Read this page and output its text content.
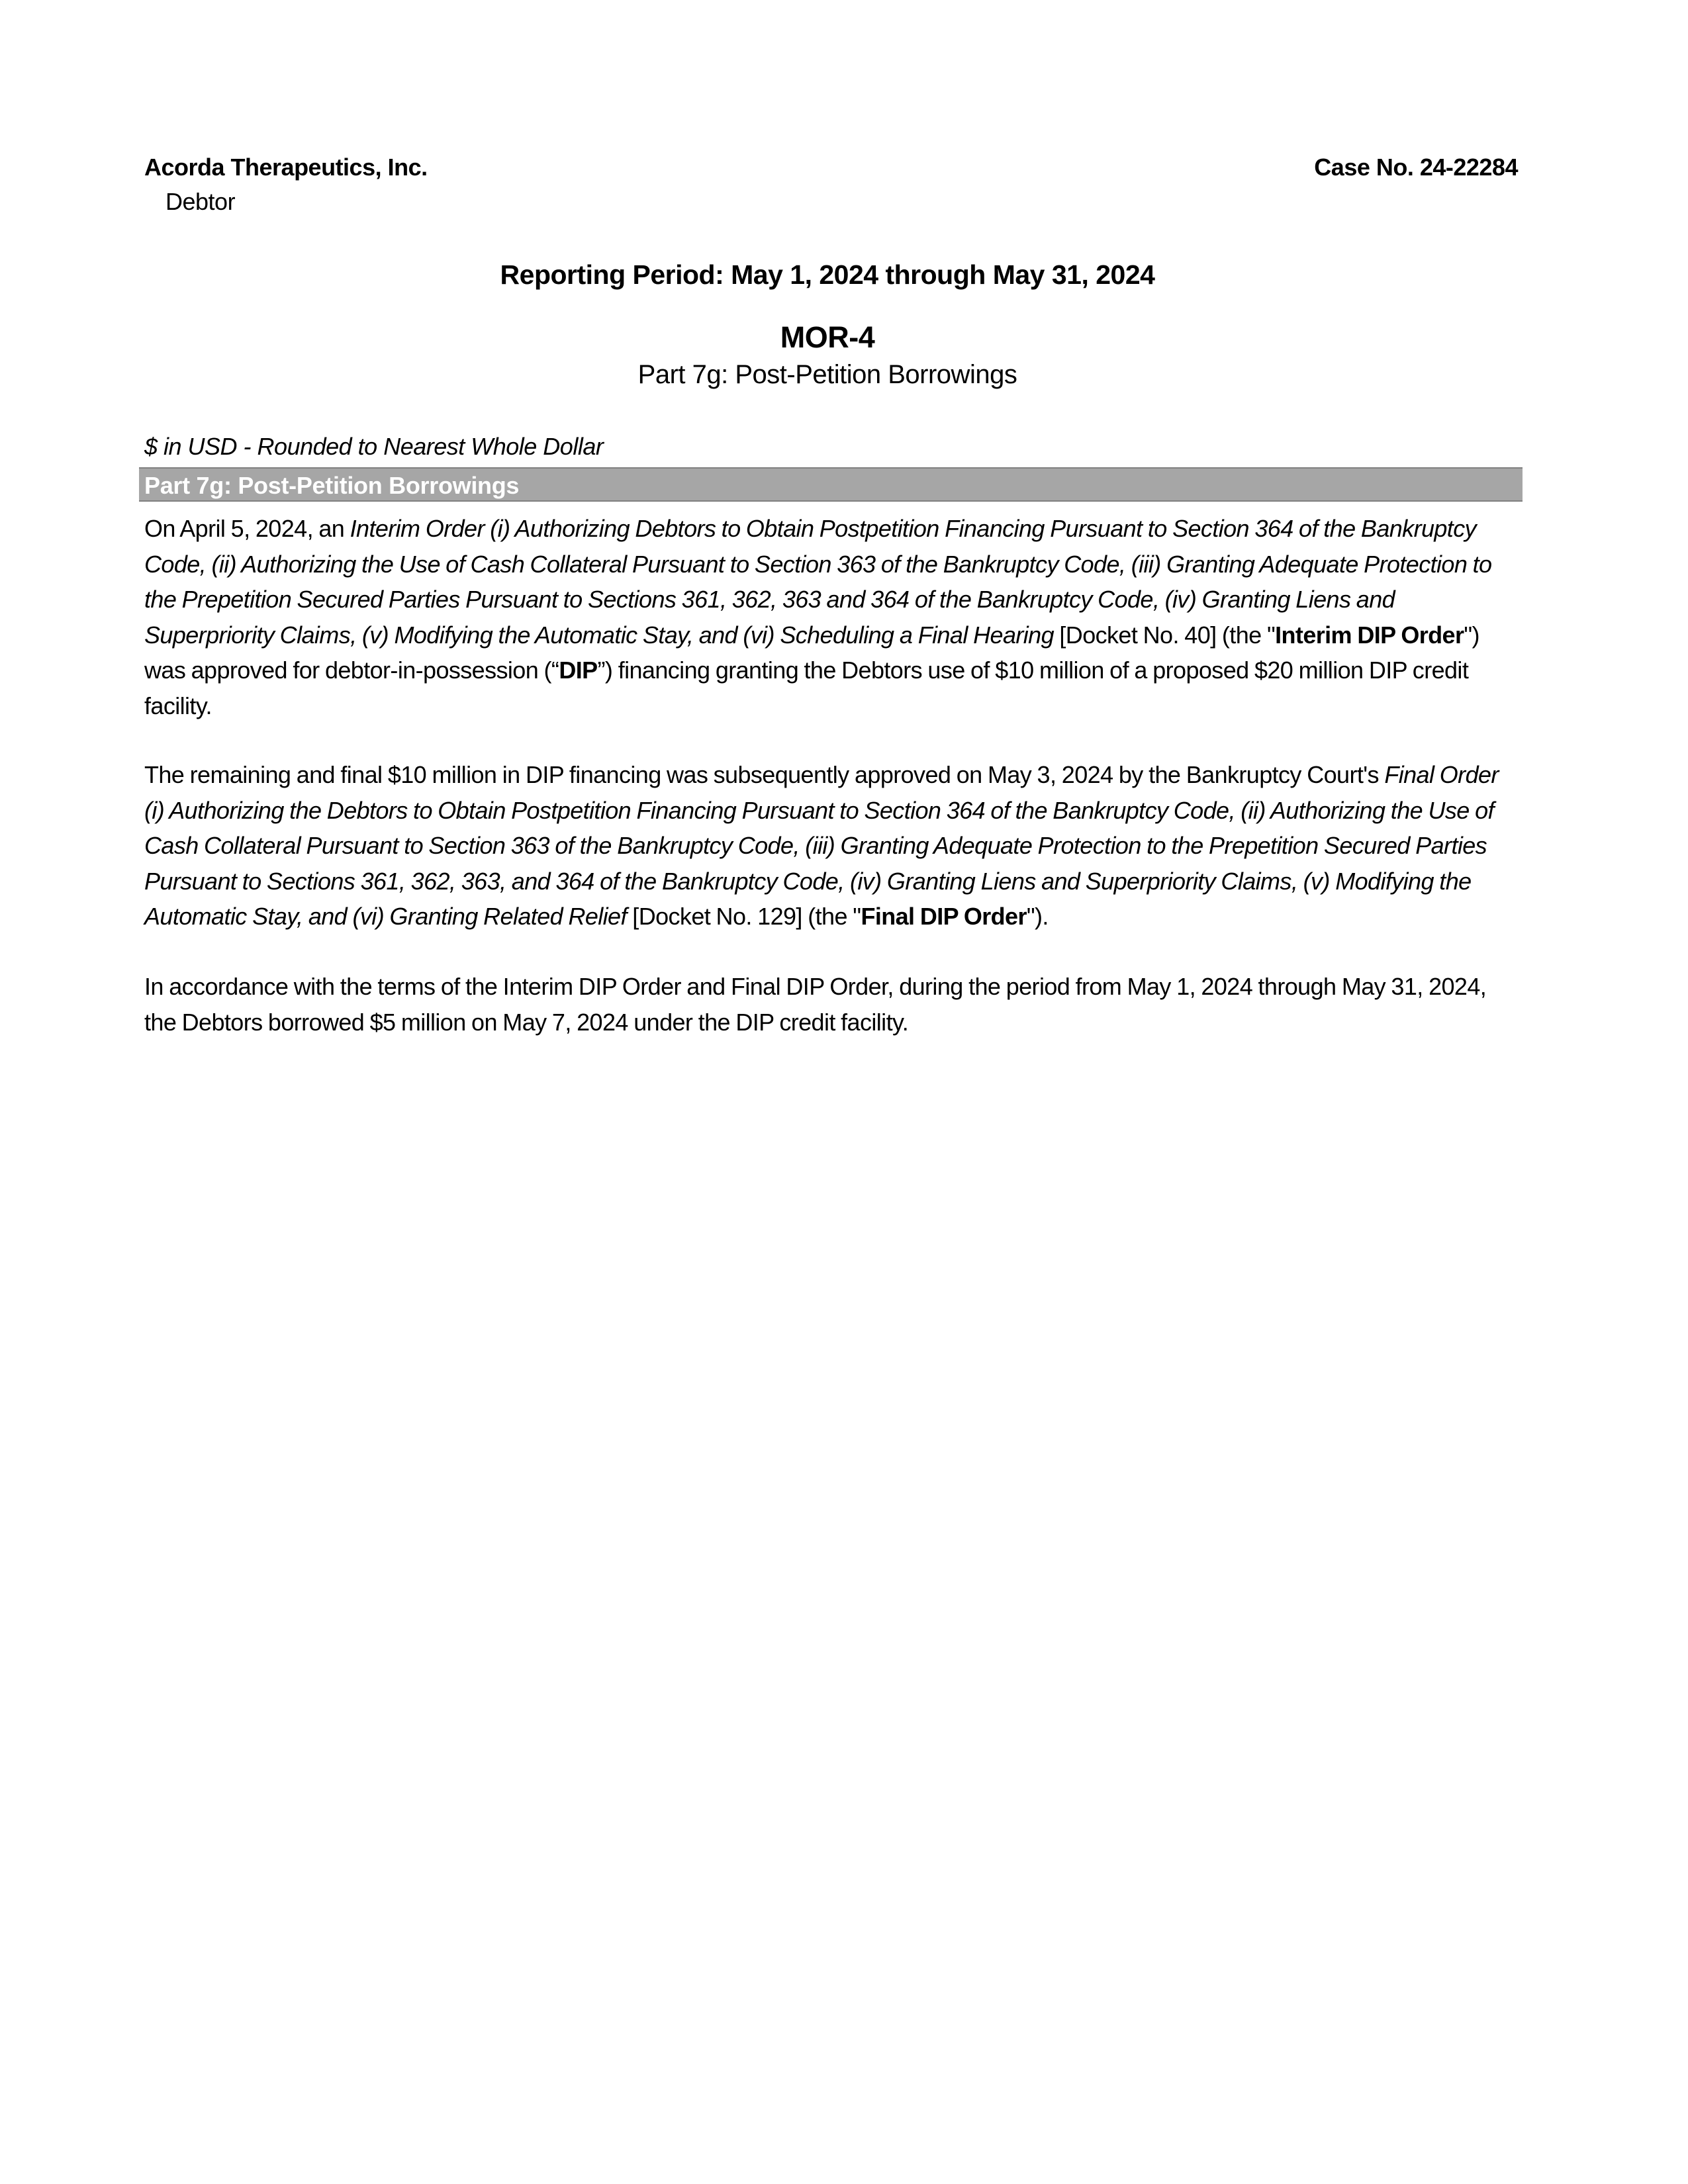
Acorda Therapeutics, Inc.	Case No. 24-22284
Debtor
Reporting Period: May 1, 2024 through May 31, 2024
MOR-4
Part 7g: Post-Petition Borrowings
$ in USD - Rounded to Nearest Whole Dollar
Part 7g: Post-Petition Borrowings
On April 5, 2024, an Interim Order (i) Authorizing Debtors to Obtain Postpetition Financing Pursuant to Section 364 of the Bankruptcy Code, (ii) Authorizing the Use of Cash Collateral Pursuant to Section 363 of the Bankruptcy Code, (iii) Granting Adequate Protection to the Prepetition Secured Parties Pursuant to Sections 361, 362, 363 and 364 of the Bankruptcy Code, (iv) Granting Liens and Superpriority Claims, (v) Modifying the Automatic Stay, and (vi) Scheduling a Final Hearing [Docket No. 40] (the "Interim DIP Order") was approved for debtor-in-possession (“DIP”) financing granting the Debtors use of $10 million of a proposed $20 million DIP credit facility.
The remaining and final $10 million in DIP financing was subsequently approved on May 3, 2024 by the Bankruptcy Court's Final Order (i) Authorizing the Debtors to Obtain Postpetition Financing Pursuant to Section 364 of the Bankruptcy Code, (ii) Authorizing the Use of Cash Collateral Pursuant to Section 363 of the Bankruptcy Code, (iii) Granting Adequate Protection to the Prepetition Secured Parties Pursuant to Sections 361, 362, 363, and 364 of the Bankruptcy Code, (iv) Granting Liens and Superpriority Claims, (v) Modifying the Automatic Stay, and (vi) Granting Related Relief [Docket No. 129] (the "Final DIP Order").
In accordance with the terms of the Interim DIP Order and Final DIP Order, during the period from May 1, 2024 through May 31, 2024, the Debtors borrowed $5 million on May 7, 2024 under the DIP credit facility.
